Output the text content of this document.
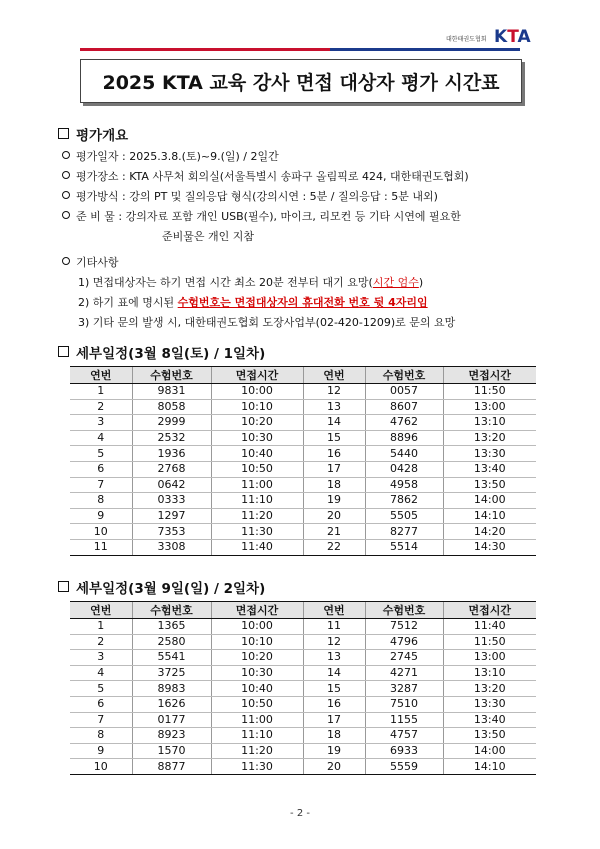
대한태권도협회 KTA
2025 KTA 교육 강사 면접 대상자 평가 시간표
평가개요
평가일자 : 2025.3.8.(토)~9.(일) / 2일간
평가장소 : KTA 사무처 회의실(서울특별시 송파구 올림픽로 424, 대한태권도협회)
평가방식 : 강의 PT 및 질의응답 형식(강의시연 : 5분 / 질의응답 : 5분 내외)
준 비 물 : 강의자료 포함 개인 USB(필수), 마이크, 리모컨 등 기타 시연에 필요한
준비물은 개인 지참
기타사항
1) 면접대상자는 하기 면접 시간 최소 20분 전부터 대기 요망(시간 엄수)
2) 하기 표에 명시된 수험번호는 면접대상자의 휴대전화 번호 뒷 4자리임
3) 기타 문의 발생 시, 대한태권도협회 도장사업부(02-420-1209)로 문의 요망
세부일정(3월 8일(토) / 1일차)
연번	수험번호	면접시간	연번	수험번호	면접시간
1	9831	10:00	12	0057	11:50
2	8058	10:10	13	8607	13:00
3	2999	10:20	14	4762	13:10
4	2532	10:30	15	8896	13:20
5	1936	10:40	16	5440	13:30
6	2768	10:50	17	0428	13:40
7	0642	11:00	18	4958	13:50
8	0333	11:10	19	7862	14:00
9	1297	11:20	20	5505	14:10
10	7353	11:30	21	8277	14:20
11	3308	11:40	22	5514	14:30
세부일정(3월 9일(일) / 2일차)
연번	수험번호	면접시간	연번	수험번호	면접시간
1	1365	10:00	11	7512	11:40
2	2580	10:10	12	4796	11:50
3	5541	10:20	13	2745	13:00
4	3725	10:30	14	4271	13:10
5	8983	10:40	15	3287	13:20
6	1626	10:50	16	7510	13:30
7	0177	11:00	17	1155	13:40
8	8923	11:10	18	4757	13:50
9	1570	11:20	19	6933	14:00
10	8877	11:30	20	5559	14:10
- 2 -
